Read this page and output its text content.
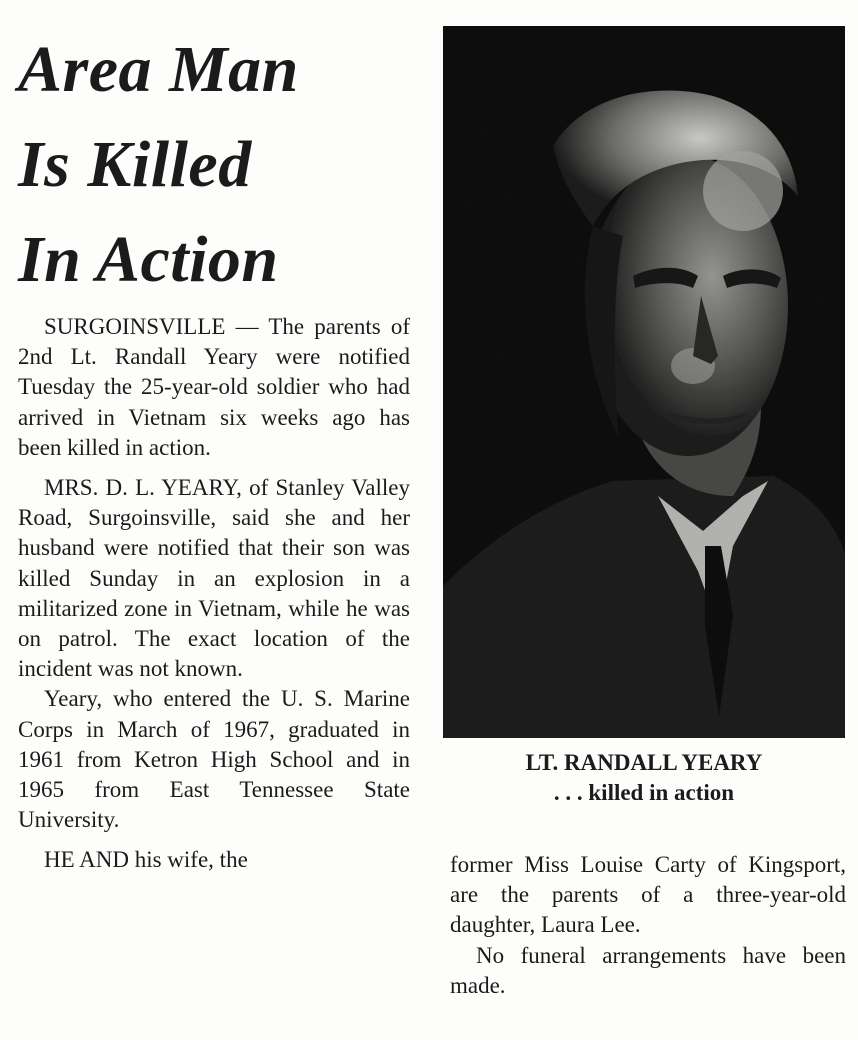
Area Man
Is Killed
In Action

SURGOINSVILLE — The parents of 2nd Lt. Randall Yeary were notified Tuesday the 25-year-old soldier who had arrived in Vietnam six weeks ago has been killed in action.

MRS. D. L. YEARY, of Stanley Valley Road, Surgoinsville, said she and her husband were notified that their son was killed Sunday in an explosion in a militarized zone in Vietnam, while he was on patrol. The exact location of the incident was not known.

Yeary, who entered the U. S. Marine Corps in March of 1967, graduated in 1961 from Ketron High School and in 1965 from East Tennessee State University.

HE AND his wife, the

LT. RANDALL YEARY
. . . killed in action

former Miss Louise Carty of Kingsport, are the parents of a three-year-old daughter, Laura Lee.

No funeral arrangements have been made.
